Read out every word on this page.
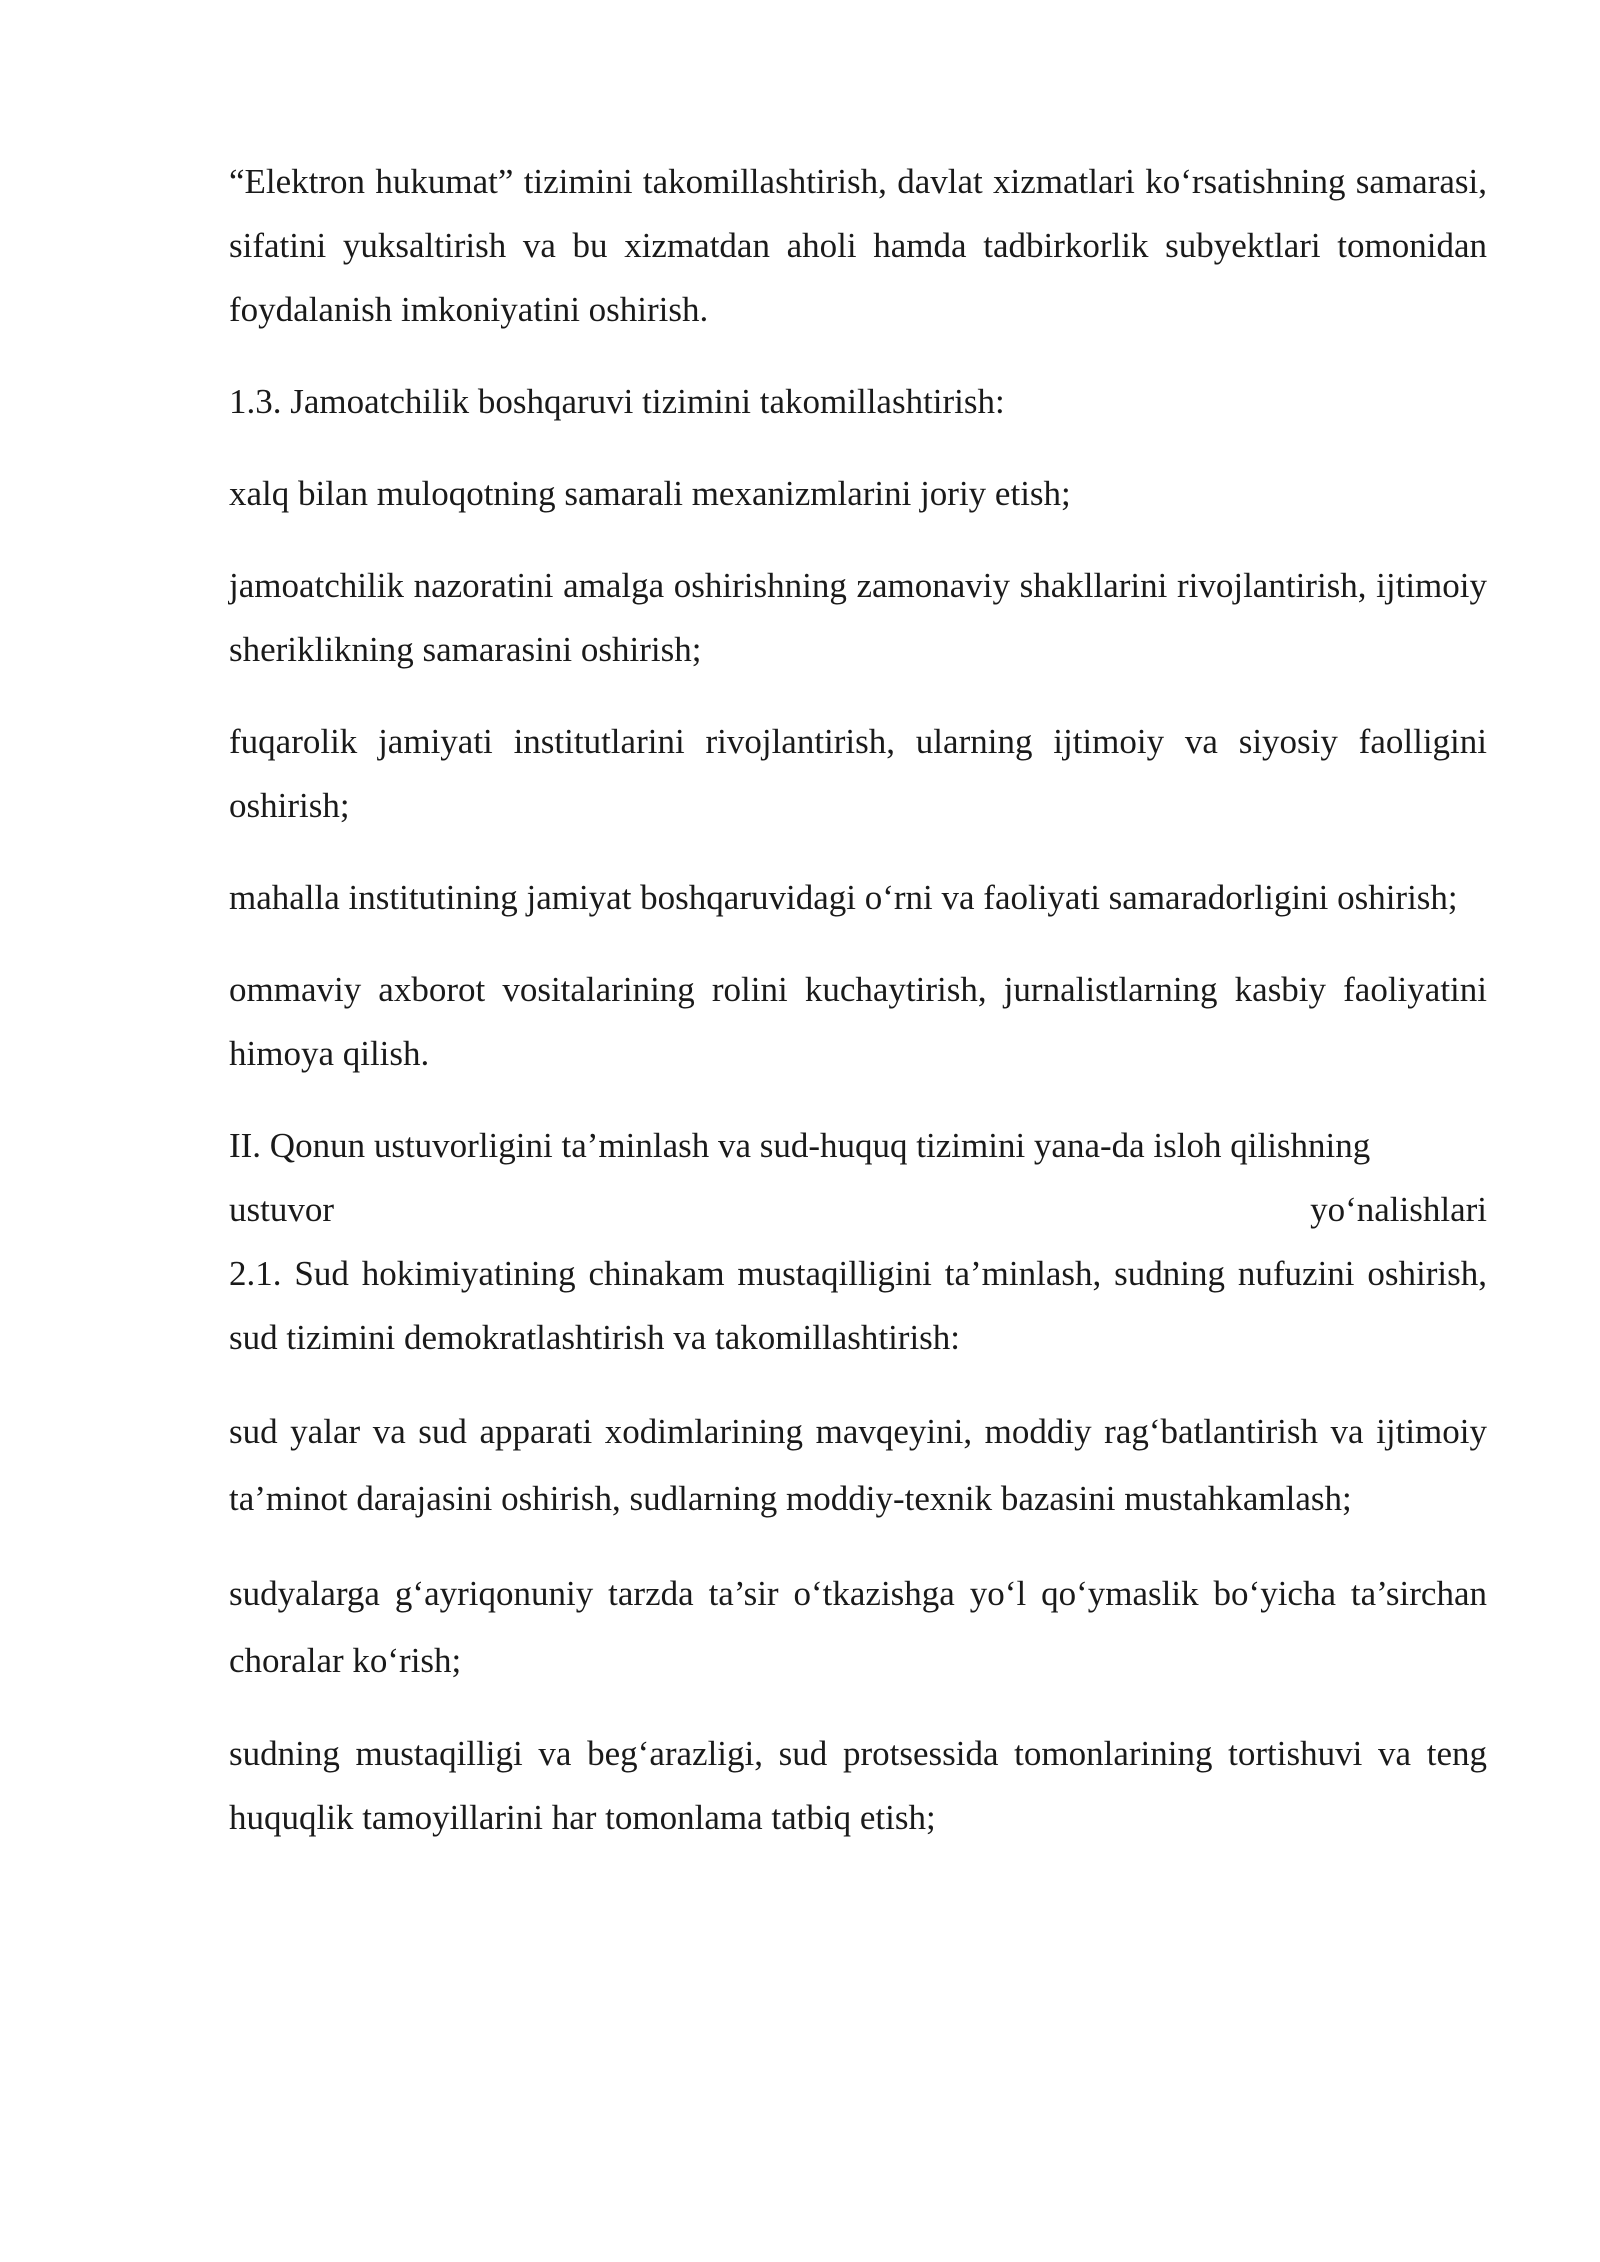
“Elektron hukumat” tizimini takomillashtirish, davlat xizmatlari koʻrsatishning samarasi, sifatini yuksaltirish va bu xizmatdan aholi hamda tadbirkorlik subyektlari tomonidan foydalanish imkoniyatini oshirish.

1.3. Jamoatchilik boshqaruvi tizimini takomillashtirish:

xalq bilan muloqotning samarali mexanizmlarini joriy etish;

jamoatchilik nazoratini amalga oshirishning zamonaviy shakllarini rivojlantirish, ijtimoiy sheriklikning samarasini oshirish;

fuqarolik jamiyati institutlarini rivojlantirish, ularning ijtimoiy va siyosiy faolligini oshirish;

mahalla institutining jamiyat boshqaruvidagi oʻrni va faoliyati samaradorligini oshirish;

ommaviy axborot vositalarining rolini kuchaytirish, jurnalistlarning kasbiy faoliyatini himoya qilish.

II. Qonun ustuvorligini ta’minlash va sud-huquq tizimini yana-da isloh qilishning

ustuvor	yoʻnalishlari

2.1. Sud hokimiyatining chinakam mustaqilligini ta’minlash, sudning nufuzini oshirish, sud tizimini demokratlashtirish va takomillashtirish:

sud yalar va sud apparati xodimlarining mavqeyini, moddiy ragʻbatlantirish va ijtimoiy ta’minot darajasini oshirish, sudlarning moddiy-texnik bazasini mustahkamlash;

sudyalarga gʻayriqonuniy tarzda ta’sir oʻtkazishga yoʻl qoʻymaslik boʻyicha ta’sirchan choralar koʻrish;

sudning mustaqilligi va begʻarazligi, sud protsessida tomonlarining tortishuvi va teng huquqlik tamoyillarini har tomonlama tatbiq etish;
